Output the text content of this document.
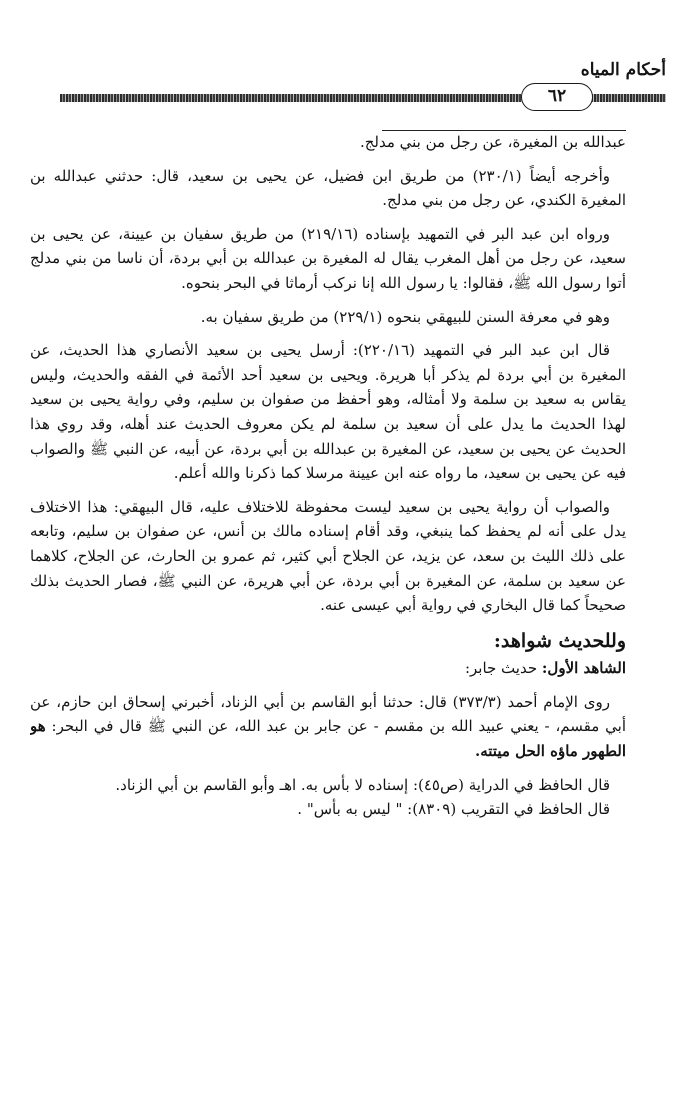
أحكام المياه
٦٢

عبدالله بن المغيرة، عن رجل من بني مدلج.

وأخرجه أيضاً (٢٣٠/١) من طريق ابن فضيل، عن يحيى بن سعيد، قال: حدثني عبدالله بن المغيرة الكندي، عن رجل من بني مدلج.

ورواه ابن عبد البر في التمهيد بإسناده (٢١٩/١٦) من طريق سفيان بن عيينة، عن يحيى بن سعيد، عن رجل من أهل المغرب يقال له المغيرة بن عبدالله بن أبي بردة، أن ناسا من بني مدلج أتوا رسول الله ﷺ، فقالوا: يا رسول الله إنا نركب أرماثا في البحر بنحوه.

وهو في معرفة السنن للبيهقي بنحوه (٢٢٩/١) من طريق سفيان به.

قال ابن عبد البر في التمهيد (٢٢٠/١٦): أرسل يحيى بن سعيد الأنصاري هذا الحديث، عن المغيرة بن أبي بردة لم يذكر أبا هريرة. ويحيى بن سعيد أحد الأئمة في الفقه والحديث، وليس يقاس به سعيد بن سلمة ولا أمثاله، وهو أحفظ من صفوان بن سليم، وفي رواية يحيى بن سعيد لهذا الحديث ما يدل على أن سعيد بن سلمة لم يكن معروف الحديث عند أهله، وقد روي هذا الحديث عن يحيى بن سعيد، عن المغيرة بن عبدالله بن أبي بردة، عن أبيه، عن النبي ﷺ والصواب فيه عن يحيى بن سعيد، ما رواه عنه ابن عيينة مرسلا كما ذكرنا والله أعلم.

والصواب أن رواية يحيى بن سعيد ليست محفوظة للاختلاف عليه، قال البيهقي: هذا الاختلاف يدل على أنه لم يحفظ كما ينبغي، وقد أقام إسناده مالك بن أنس، عن صفوان بن سليم، وتابعه على ذلك الليث بن سعد، عن يزيد، عن الجلاح أبي كثير، ثم عمرو بن الحارث، عن الجلاح، كلاهما عن سعيد بن سلمة، عن المغيرة بن أبي بردة، عن أبي هريرة، عن النبي ﷺ، فصار الحديث بذلك صحيحاً كما قال البخاري في رواية أبي عيسى عنه.

وللحديث شواهد:

الشاهد الأول: حديث جابر:

روى الإمام أحمد (٣٧٣/٣) قال: حدثنا أبو القاسم بن أبي الزناد، أخبرني إسحاق ابن حازم، عن أبي مقسم، - يعني عبيد الله بن مقسم - عن جابر بن عبد الله، عن النبي ﷺ قال في البحر: هو الطهور ماؤه الحل ميتته.

قال الحافظ في الدراية (ص٤٥): إسناده لا بأس به. اهـ وأبو القاسم بن أبي الزناد.

قال الحافظ في التقريب (٨٣٠٩): " ليس به بأس" .
